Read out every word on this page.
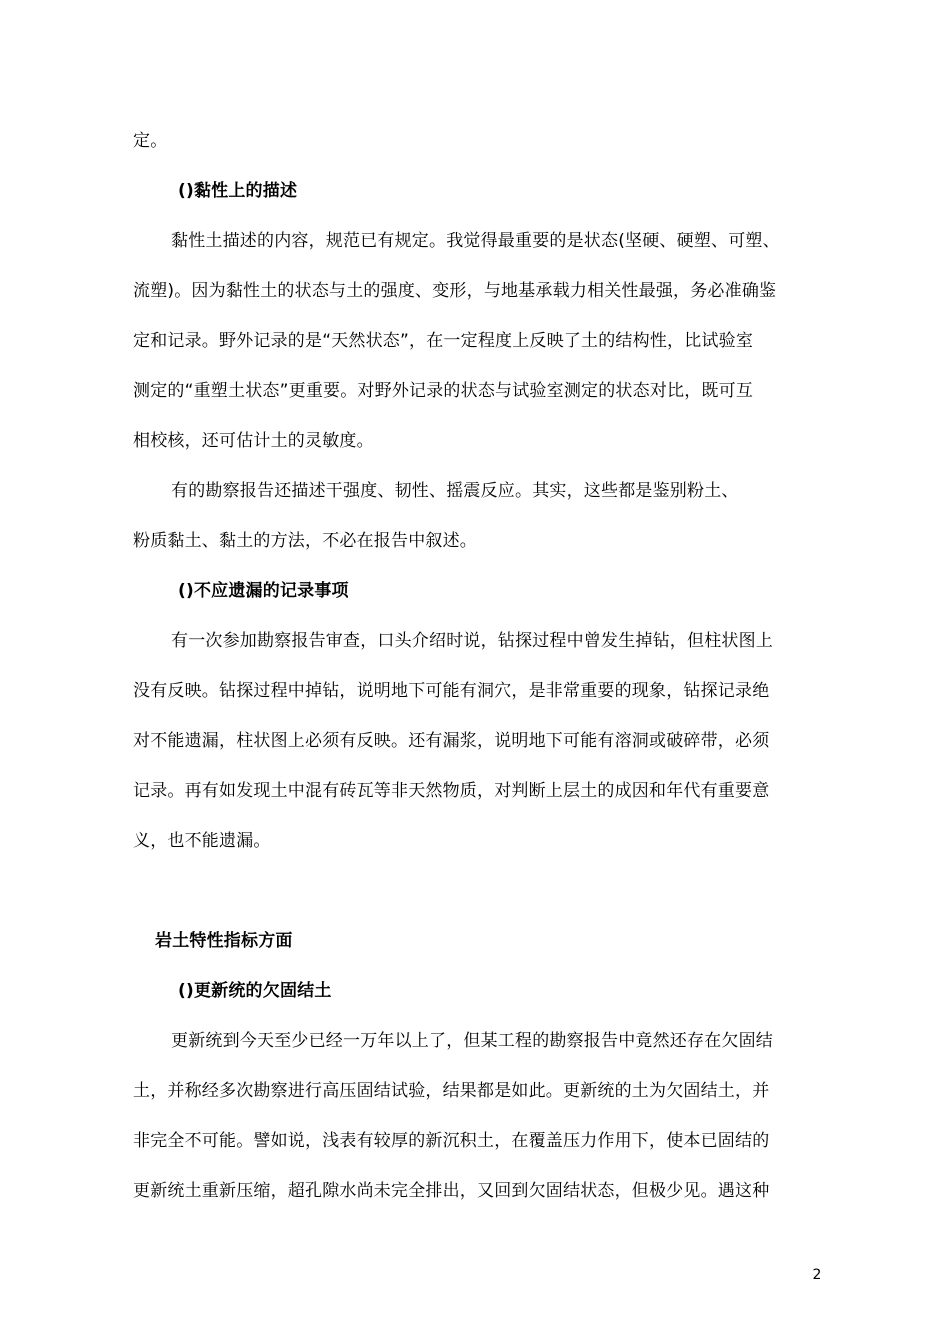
定。
()黏性上的描述
黏性土描述的内容，规范已有规定。我觉得最重要的是状态(坚硬、硬塑、可塑、
流塑)。因为黏性土的状态与土的强度、变形，与地基承载力相关性最强，务必准确鉴
定和记录。野外记录的是“天然状态”，在一定程度上反映了土的结构性，比试验室
测定的“重塑土状态”更重要。对野外记录的状态与试验室测定的状态对比，既可互
相校核，还可估计土的灵敏度。
有的勘察报告还描述干强度、韧性、摇震反应。其实，这些都是鉴别粉土、
粉质黏土、黏土的方法，不必在报告中叙述。
()不应遗漏的记录事项
有一次参加勘察报告审查，口头介绍时说，钻探过程中曾发生掉钻，但柱状图上
没有反映。钻探过程中掉钻，说明地下可能有洞穴，是非常重要的现象，钻探记录绝
对不能遗漏，柱状图上必须有反映。还有漏浆，说明地下可能有溶洞或破碎带，必须
记录。再有如发现土中混有砖瓦等非天然物质，对判断上层土的成因和年代有重要意
义，也不能遗漏。
岩土特性指标方面
()更新统的欠固结土
更新统到今天至少已经一万年以上了，但某工程的勘察报告中竟然还存在欠固结
土，并称经多次勘察进行高压固结试验，结果都是如此。更新统的土为欠固结土，并
非完全不可能。譬如说，浅表有较厚的新沉积土，在覆盖压力作用下，使本已固结的
更新统土重新压缩，超孔隙水尚未完全排出，又回到欠固结状态，但极少见。遇这种
2
